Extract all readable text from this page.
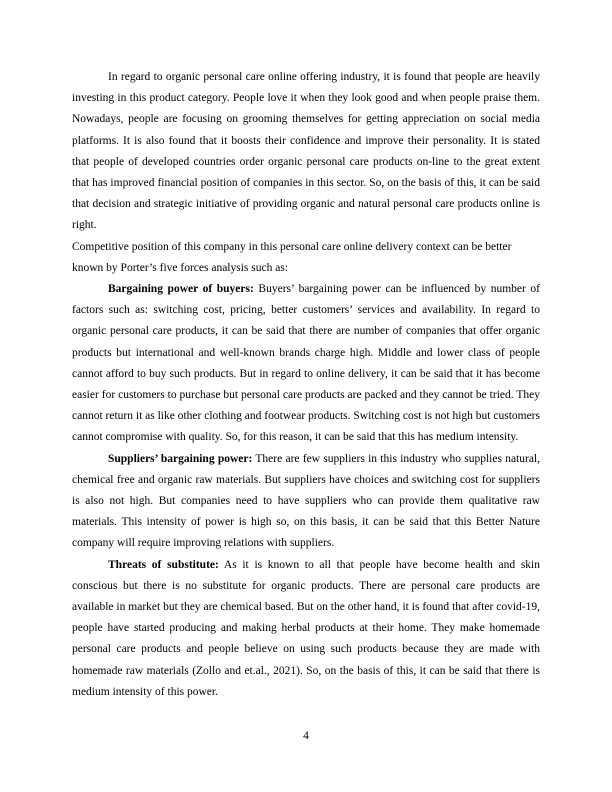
In regard to organic personal care online offering industry, it is found that people are heavily investing in this product category. People love it when they look good and when people praise them. Nowadays, people are focusing on grooming themselves for getting appreciation on social media platforms. It is also found that it boosts their confidence and improve their personality. It is stated that people of developed countries order organic personal care products on-line to the great extent that has improved financial position of companies in this sector. So, on the basis of this, it can be said that decision and strategic initiative of providing organic and natural personal care products online is right.

Competitive position of this company in this personal care online delivery context can be better known by Porter’s five forces analysis such as:

Bargaining power of buyers: Buyers’ bargaining power can be influenced by number of factors such as: switching cost, pricing, better customers’ services and availability. In regard to organic personal care products, it can be said that there are number of companies that offer organic products but international and well-known brands charge high. Middle and lower class of people cannot afford to buy such products. But in regard to online delivery, it can be said that it has become easier for customers to purchase but personal care products are packed and they cannot be tried. They cannot return it as like other clothing and footwear products. Switching cost is not high but customers cannot compromise with quality. So, for this reason, it can be said that this has medium intensity.

Suppliers’ bargaining power: There are few suppliers in this industry who supplies natural, chemical free and organic raw materials. But suppliers have choices and switching cost for suppliers is also not high. But companies need to have suppliers who can provide them qualitative raw materials. This intensity of power is high so, on this basis, it can be said that this Better Nature company will require improving relations with suppliers.

Threats of substitute: As it is known to all that people have become health and skin conscious but there is no substitute for organic products. There are personal care products are available in market but they are chemical based. But on the other hand, it is found that after covid-19, people have started producing and making herbal products at their home. They make homemade personal care products and people believe on using such products because they are made with homemade raw materials (Zollo and et.al., 2021). So, on the basis of this, it can be said that there is medium intensity of this power.

4
